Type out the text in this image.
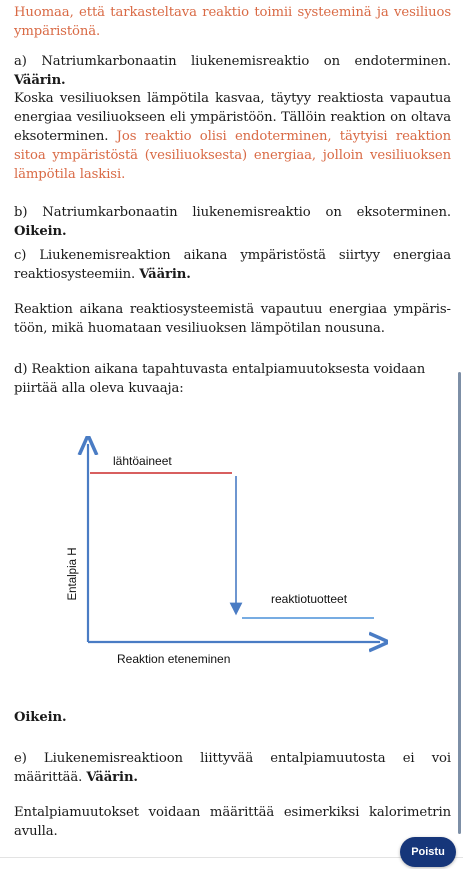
Huomaa, että tarkasteltava reaktio toimii systeeminä ja vesiliuos ympäristönä.

a) Natriumkarbonaatin liukenemisreaktio on endoterminen. Väärin.

Koska vesiliuoksen lämpötila kasvaa, täytyy reaktiosta vapautua energiaa vesiliuokseen eli ympäristöön. Tällöin reaktion on oltava eksoterminen. Jos reaktio olisi endoterminen, täytyisi reaktion sitoa ympäristöstä (vesiliuoksesta) energiaa, jolloin vesiliuoksen lämpötila laskisi.

b) Natriumkarbonaatin liukenemisreaktio on eksoterminen. Oikein.

c) Liukenemisreaktion aikana ympäristöstä siirtyy energiaa reaktiosysteemiin. Väärin.

Reaktion aikana reaktiosysteemistä vapautuu energiaa ympäristöön, mikä huomataan vesiliuoksen lämpötilan nousuna.

d) Reaktion aikana tapahtuvasta entalpiamuutoksesta voidaan piirtää alla oleva kuvaaja:

Oikein.

e) Liukenemisreaktioon liittyvää entalpiamuutosta ei voi määrittää. Väärin.

Entalpiamuutokset voidaan määrittää esimerkiksi kalorimetrin avulla.

lähtöaineet
reaktiotuotteet
Entalpia H
Reaktion eteneminen
Poistu
